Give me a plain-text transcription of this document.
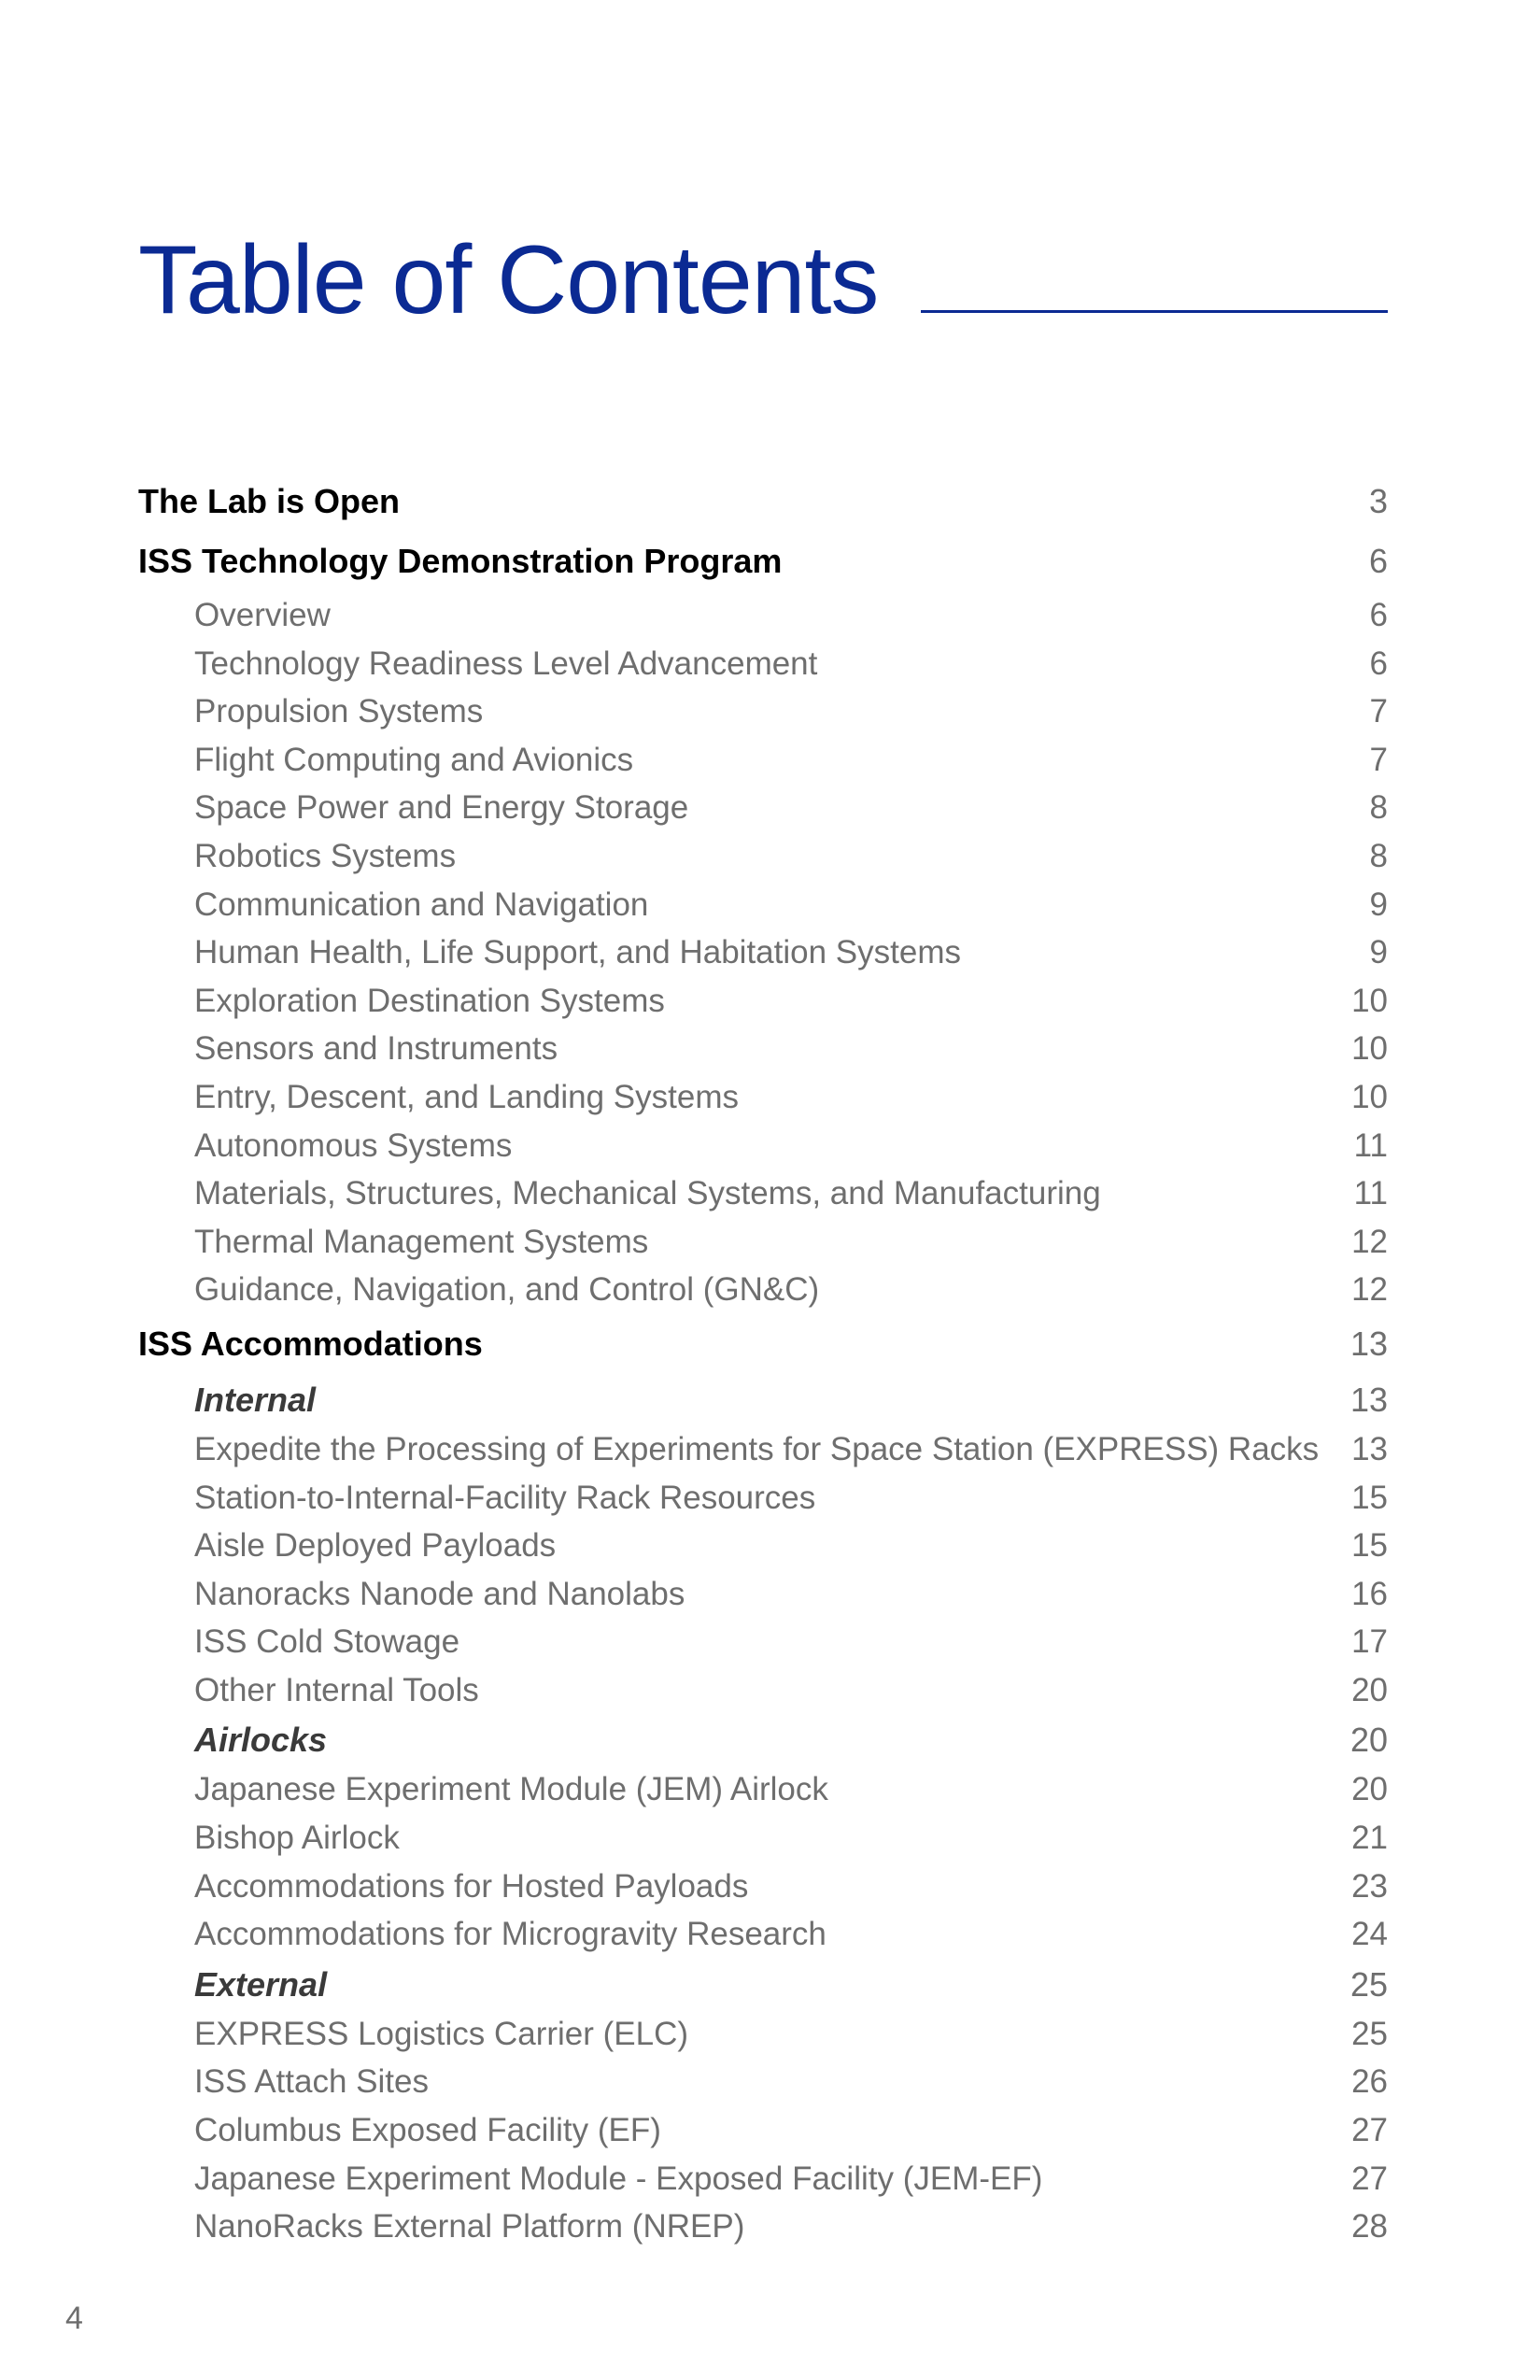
Table of Contents
The Lab is Open	3
ISS Technology Demonstration Program	6
Overview	6
Technology Readiness Level Advancement	6
Propulsion Systems	7
Flight Computing and Avionics	7
Space Power and Energy Storage	8
Robotics Systems	8
Communication and Navigation	9
Human Health, Life Support, and Habitation Systems	9
Exploration Destination Systems	10
Sensors and Instruments	10
Entry, Descent, and Landing Systems	10
Autonomous Systems	11
Materials, Structures, Mechanical Systems, and Manufacturing	11
Thermal Management Systems	12
Guidance, Navigation, and Control (GN&C)	12
ISS Accommodations	13
Internal	13
Expedite the Processing of Experiments for Space Station (EXPRESS) Racks 13
Station-to-Internal-Facility Rack Resources	15
Aisle Deployed Payloads	15
Nanoracks Nanode and Nanolabs	16
ISS Cold Stowage	17
Other Internal Tools	20
Airlocks	20
Japanese Experiment Module (JEM) Airlock	20
Bishop Airlock	21
Accommodations for Hosted Payloads	23
Accommodations for Microgravity Research	24
External	25
EXPRESS Logistics Carrier (ELC)	25
ISS Attach Sites	26
Columbus Exposed Facility (EF)	27
Japanese Experiment Module - Exposed Facility (JEM-EF)	27
NanoRacks External Platform (NREP)	28
4
